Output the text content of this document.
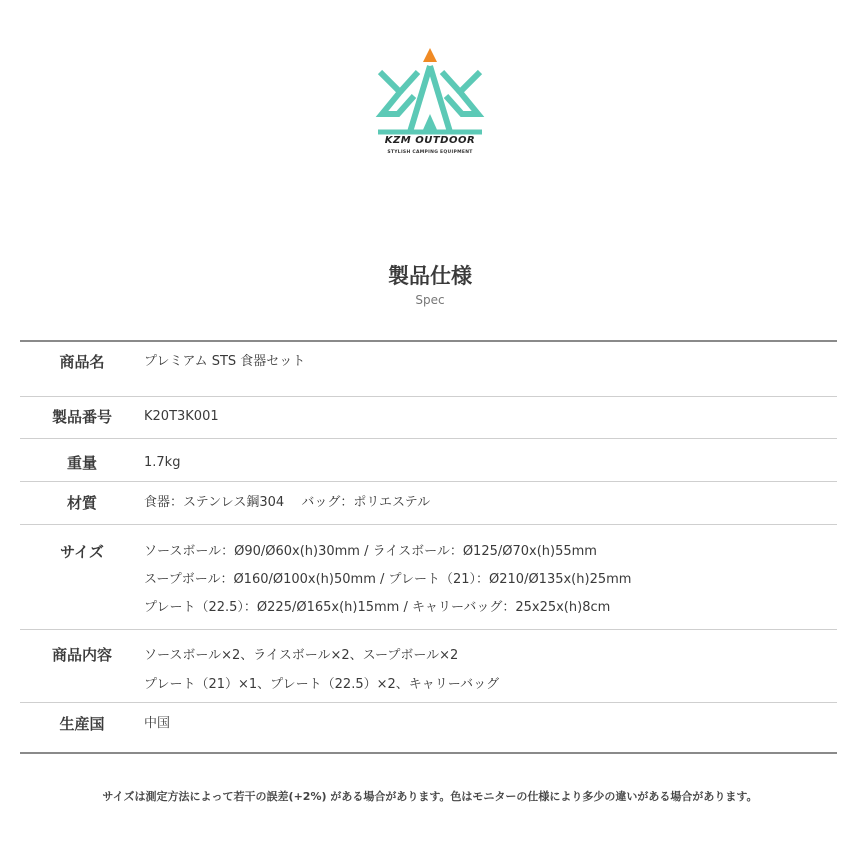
KZM OUTDOOR
STYLISH CAMPING EQUIPMENT
製品仕様
Spec
商品名	プレミアム STS 食器セット
製品番号	K20T3K001
重量	1.7kg
材質	食器：ステンレス鋼304　 バッグ：ポリエステル
サイズ	ソースボール：Ø90/Ø60x(h)30mm / ライスボール：Ø125/Ø70x(h)55mm
スープボール：Ø160/Ø100x(h)50mm / プレート（21）：Ø210/Ø135x(h)25mm
プレート（22.5）：Ø225/Ø165x(h)15mm / キャリーバッグ：25x25x(h)8cm
商品内容	ソースボール×2、ライスボール×2、スープボール×2
プレート（21）×1、プレート（22.5）×2、キャリーバッグ
生産国	中国
サイズは測定方法によって若干の誤差(+2%) がある場合があります。色はモニターの仕様により多少の違いがある場合があります。
